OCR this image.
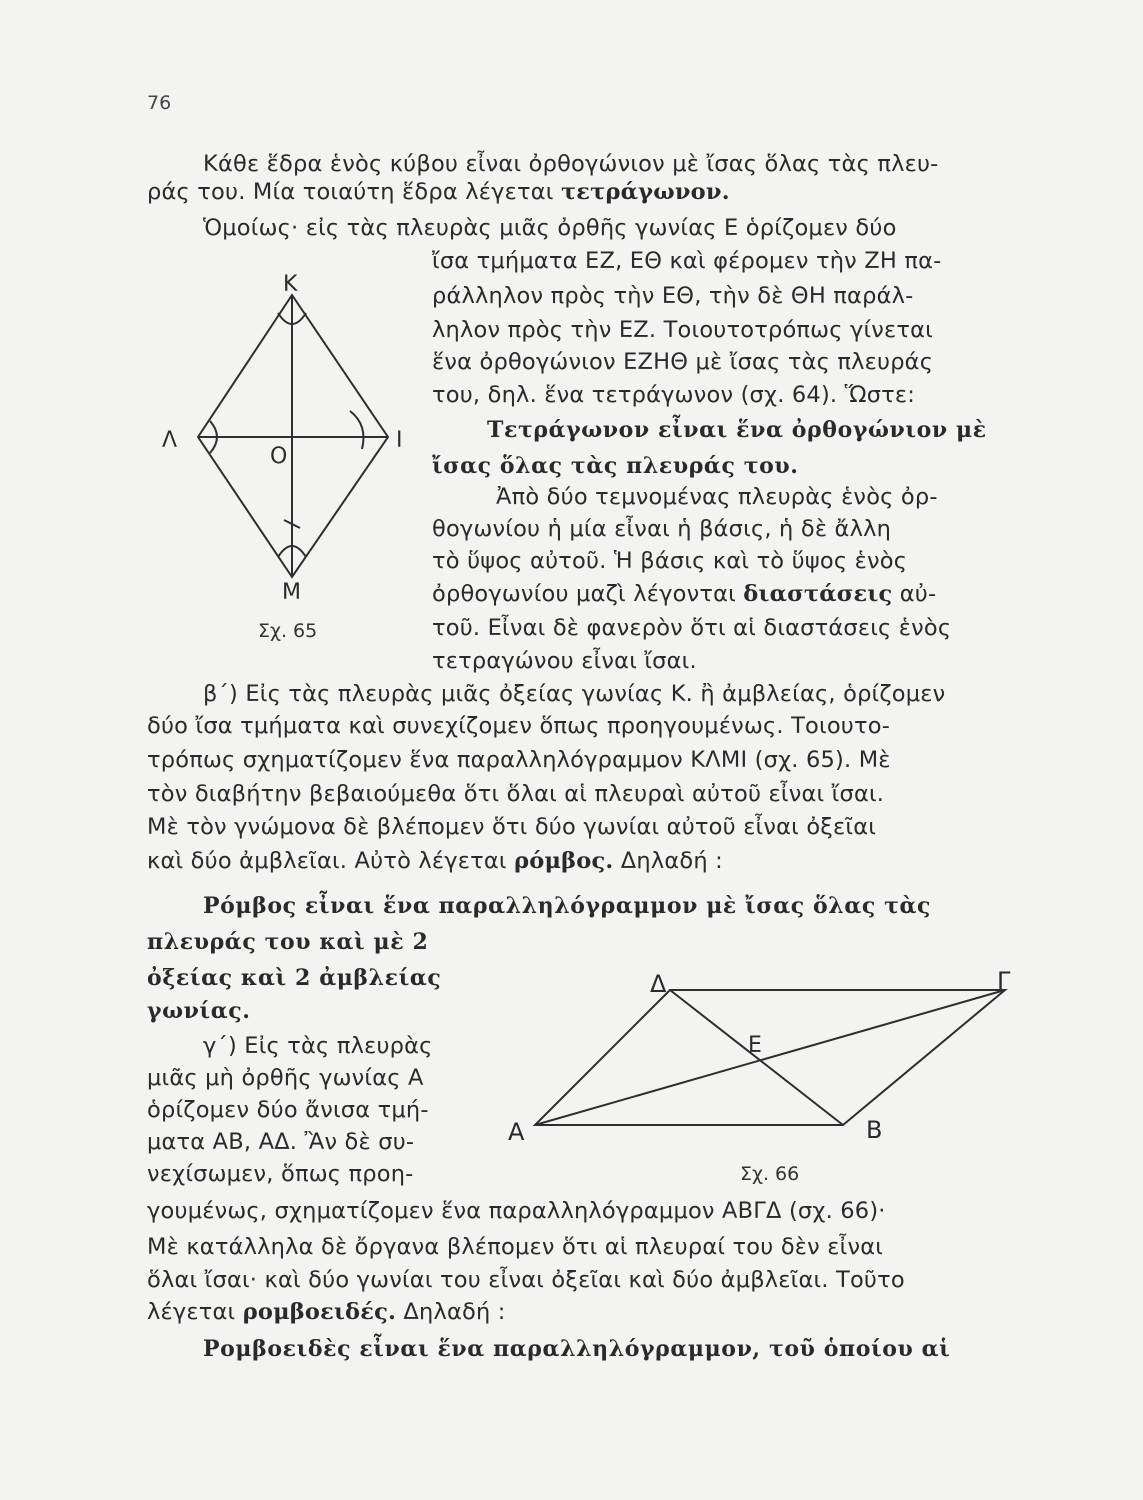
76
Κάθε ἕδρα ἑνὸς κύβου εἶναι ὀρθογώνιον μὲ ἴσας ὅλας τὰς πλευ-
ράς του. Μία τοιαύτη ἕδρα λέγεται τετράγωνον.
Ὁμοίως· εἰς τὰς πλευρὰς μιᾶς ὀρθῆς γωνίας Ε ὁρίζομεν δύο
ἴσα τμήματα ΕΖ, ΕΘ καὶ φέρομεν τὴν ΖΗ πα-
ράλληλον πρὸς τὴν ΕΘ, τὴν δὲ ΘΗ παράλ-
ληλον πρὸς τὴν ΕΖ. Τοιουτοτρόπως γίνεται
ἕνα ὀρθογώνιον ΕΖΗΘ μὲ ἴσας τὰς πλευράς
του, δηλ. ἕνα τετράγωνον (σχ. 64). Ὥστε:
Τετράγωνον εἶναι ἕνα ὀρθογώνιον μὲ
ἴσας ὅλας τὰς πλευράς του.
Ἀπὸ δύο τεμνομένας πλευρὰς ἑνὸς ὀρ-
θογωνίου ἡ μία εἶναι ἡ βάσις, ἡ δὲ ἄλλη
τὸ ὕψος αὐτοῦ. Ἡ βάσις καὶ τὸ ὕψος ἑνὸς
ὀρθογωνίου μαζὶ λέγονται διαστάσεις αὐ-
τοῦ. Εἶναι δὲ φανερὸν ὅτι αἱ διαστάσεις ἑνὸς
τετραγώνου εἶναι ἴσαι.
Κ
Λ
Ο
Ι
Μ
Σχ. 65
β΄) Εἰς τὰς πλευρὰς μιᾶς ὀξείας γωνίας Κ. ἢ ἀμβλείας, ὁρίζομεν
δύο ἴσα τμήματα καὶ συνεχίζομεν ὅπως προηγουμένως. Τοιουτο-
τρόπως σχηματίζομεν ἕνα παραλληλόγραμμον ΚΛΜΙ (σχ. 65). Μὲ
τὸν διαβήτην βεβαιούμεθα ὅτι ὅλαι αἱ πλευραὶ αὐτοῦ εἶναι ἴσαι.
Μὲ τὸν γνώμονα δὲ βλέπομεν ὅτι δύο γωνίαι αὐτοῦ εἶναι ὀξεῖαι
καὶ δύο ἀμβλεῖαι. Αὐτὸ λέγεται ρόμβος. Δηλαδή :
Ρόμβος εἶναι ἕνα παραλληλόγραμμον μὲ ἴσας ὅλας τὰς
πλευράς του καὶ μὲ 2
ὀξείας καὶ 2 ἀμβλείας
γωνίας.
γ΄) Εἰς τὰς πλευρὰς
μιᾶς μὴ ὀρθῆς γωνίας Α
ὁρίζομεν δύο ἄνισα τμή-
ματα ΑΒ, ΑΔ. Ἂν δὲ συ-
νεχίσωμεν, ὅπως προη-
Α	Β
Γ
Δ
Ε
Σχ. 66
γουμένως, σχηματίζομεν ἕνα παραλληλόγραμμον ΑΒΓΔ (σχ. 66)·
Μὲ κατάλληλα δὲ ὄργανα βλέπομεν ὅτι αἱ πλευραί του δὲν εἶναι
ὅλαι ἴσαι· καὶ δύο γωνίαι του εἶναι ὀξεῖαι καὶ δύο ἀμβλεῖαι. Τοῦτο
λέγεται ρομβοειδές. Δηλαδή :
Ρομβοειδὲς εἶναι ἕνα παραλληλόγραμμον, τοῦ ὁποίου αἱ
